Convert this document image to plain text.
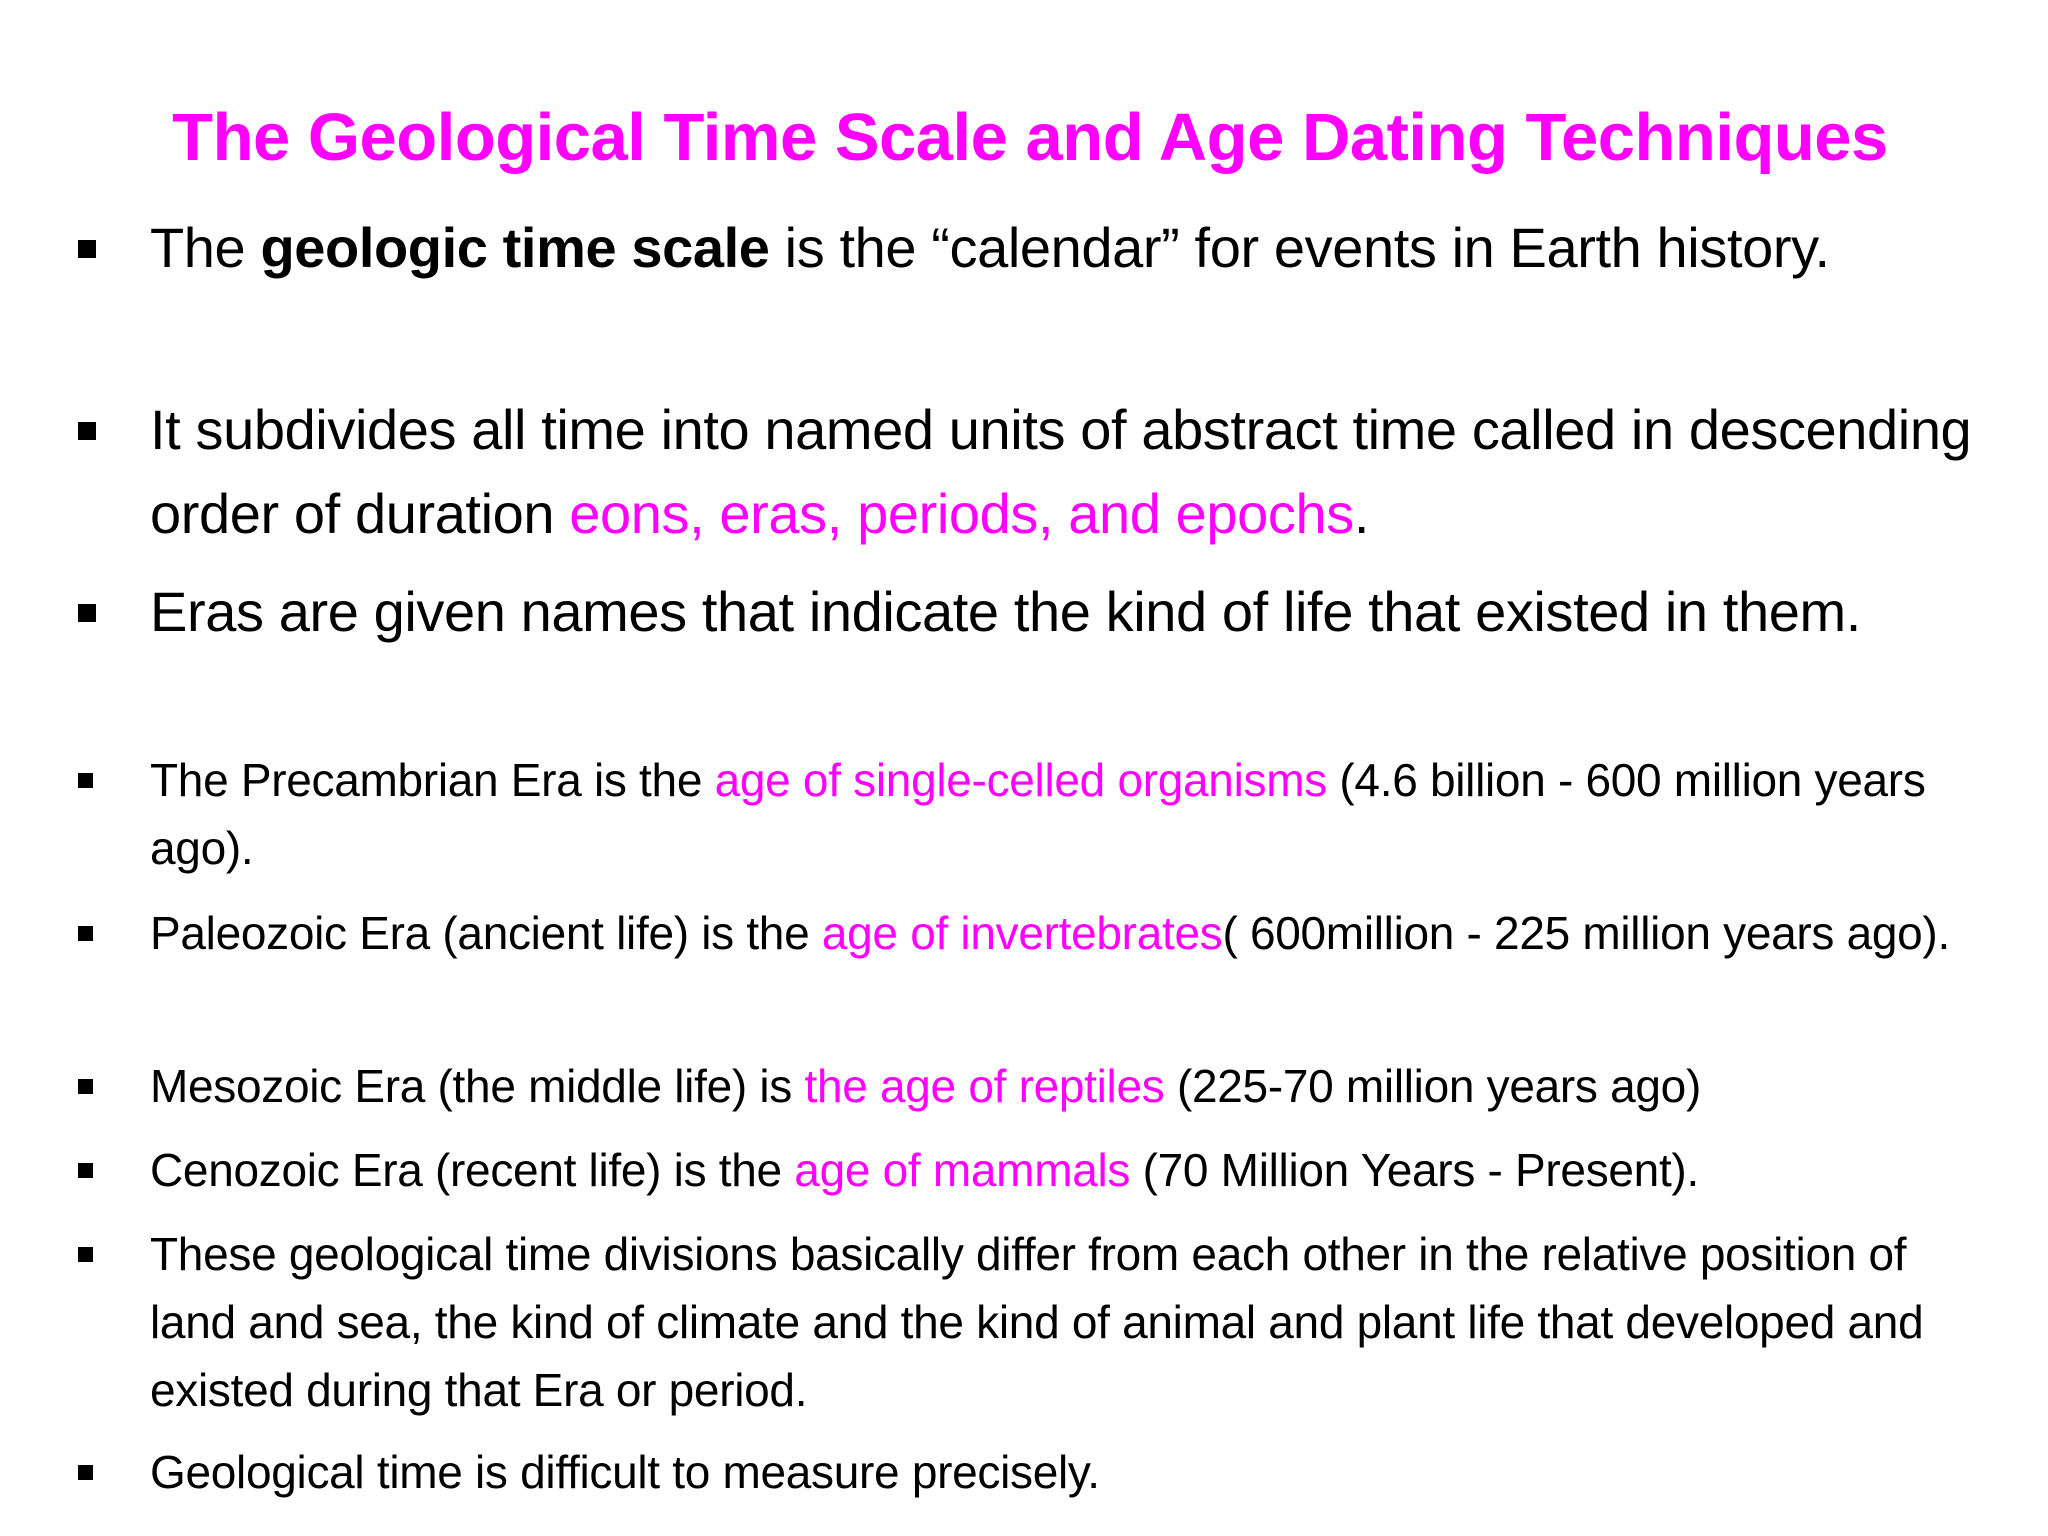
The Geological Time Scale and Age Dating Techniques
The geologic time scale is the “calendar” for events in Earth history.
It subdivides all time into named units of abstract time called in descending order of duration eons, eras, periods, and epochs.
Eras are given names that indicate the kind of life that existed in them.
The Precambrian Era is the age of single-celled organisms (4.6 billion - 600 million years ago).
Paleozoic Era (ancient life) is the age of invertebrates( 600million - 225 million years ago).
Mesozoic Era (the middle life) is the age of reptiles (225-70 million years ago)
Cenozoic Era (recent life) is the age of mammals (70 Million Years - Present).
These geological time divisions basically differ from each other in the relative position of land and sea, the kind of climate and the kind of animal and plant life that developed and existed during that Era or period.
Geological time is difficult to measure precisely.
